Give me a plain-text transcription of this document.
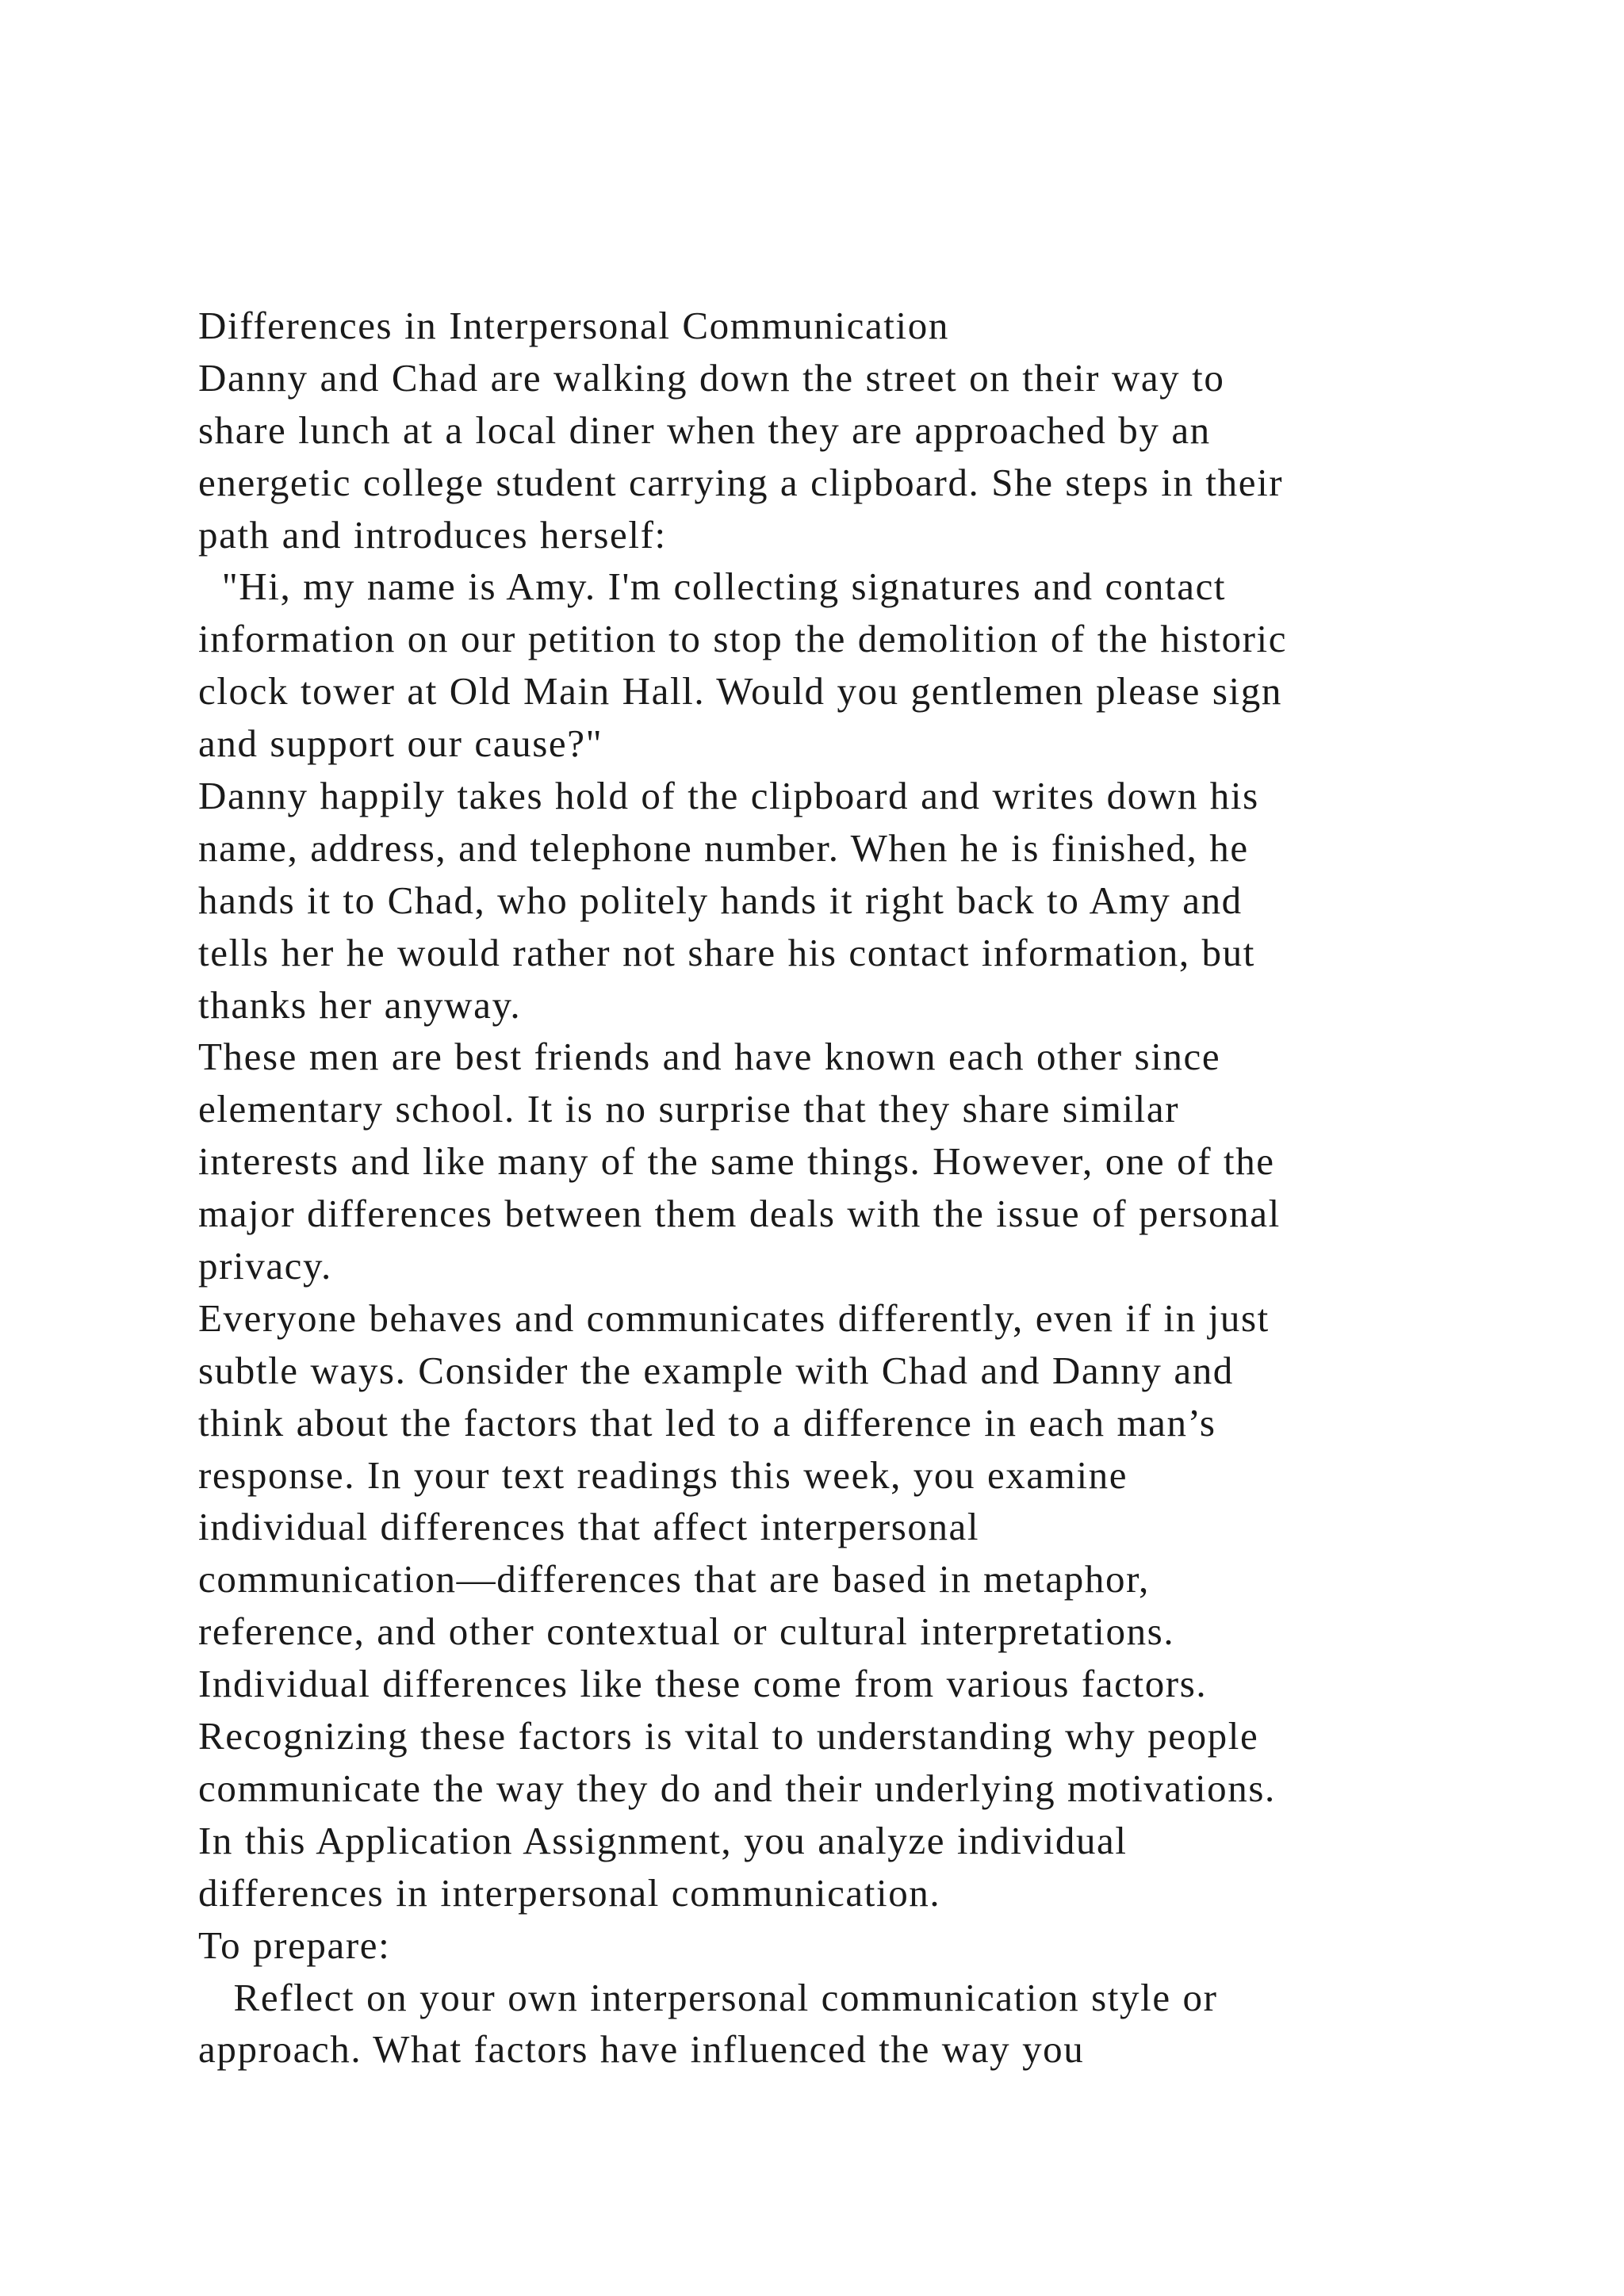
Differences in Interpersonal Communication
Danny and Chad are walking down the street on their way to
share lunch at a local diner when they are approached by an
energetic college student carrying a clipboard. She steps in their
path and introduces herself:
"Hi, my name is Amy. I'm collecting signatures and contact
information on our petition to stop the demolition of the historic
clock tower at Old Main Hall. Would you gentlemen please sign
and support our cause?"
Danny happily takes hold of the clipboard and writes down his
name, address, and telephone number. When he is finished, he
hands it to Chad, who politely hands it right back to Amy and
tells her he would rather not share his contact information, but
thanks her anyway.
These men are best friends and have known each other since
elementary school. It is no surprise that they share similar
interests and like many of the same things. However, one of the
major differences between them deals with the issue of personal
privacy.
Everyone behaves and communicates differently, even if in just
subtle ways. Consider the example with Chad and Danny and
think about the factors that led to a difference in each man’s
response. In your text readings this week, you examine
individual differences that affect interpersonal
communication—differences that are based in metaphor,
reference, and other contextual or cultural interpretations.
Individual differences like these come from various factors.
Recognizing these factors is vital to understanding why people
communicate the way they do and their underlying motivations.
In this Application Assignment, you analyze individual
differences in interpersonal communication.
To prepare:
Reflect on your own interpersonal communication style or
approach. What factors have influenced the way you
